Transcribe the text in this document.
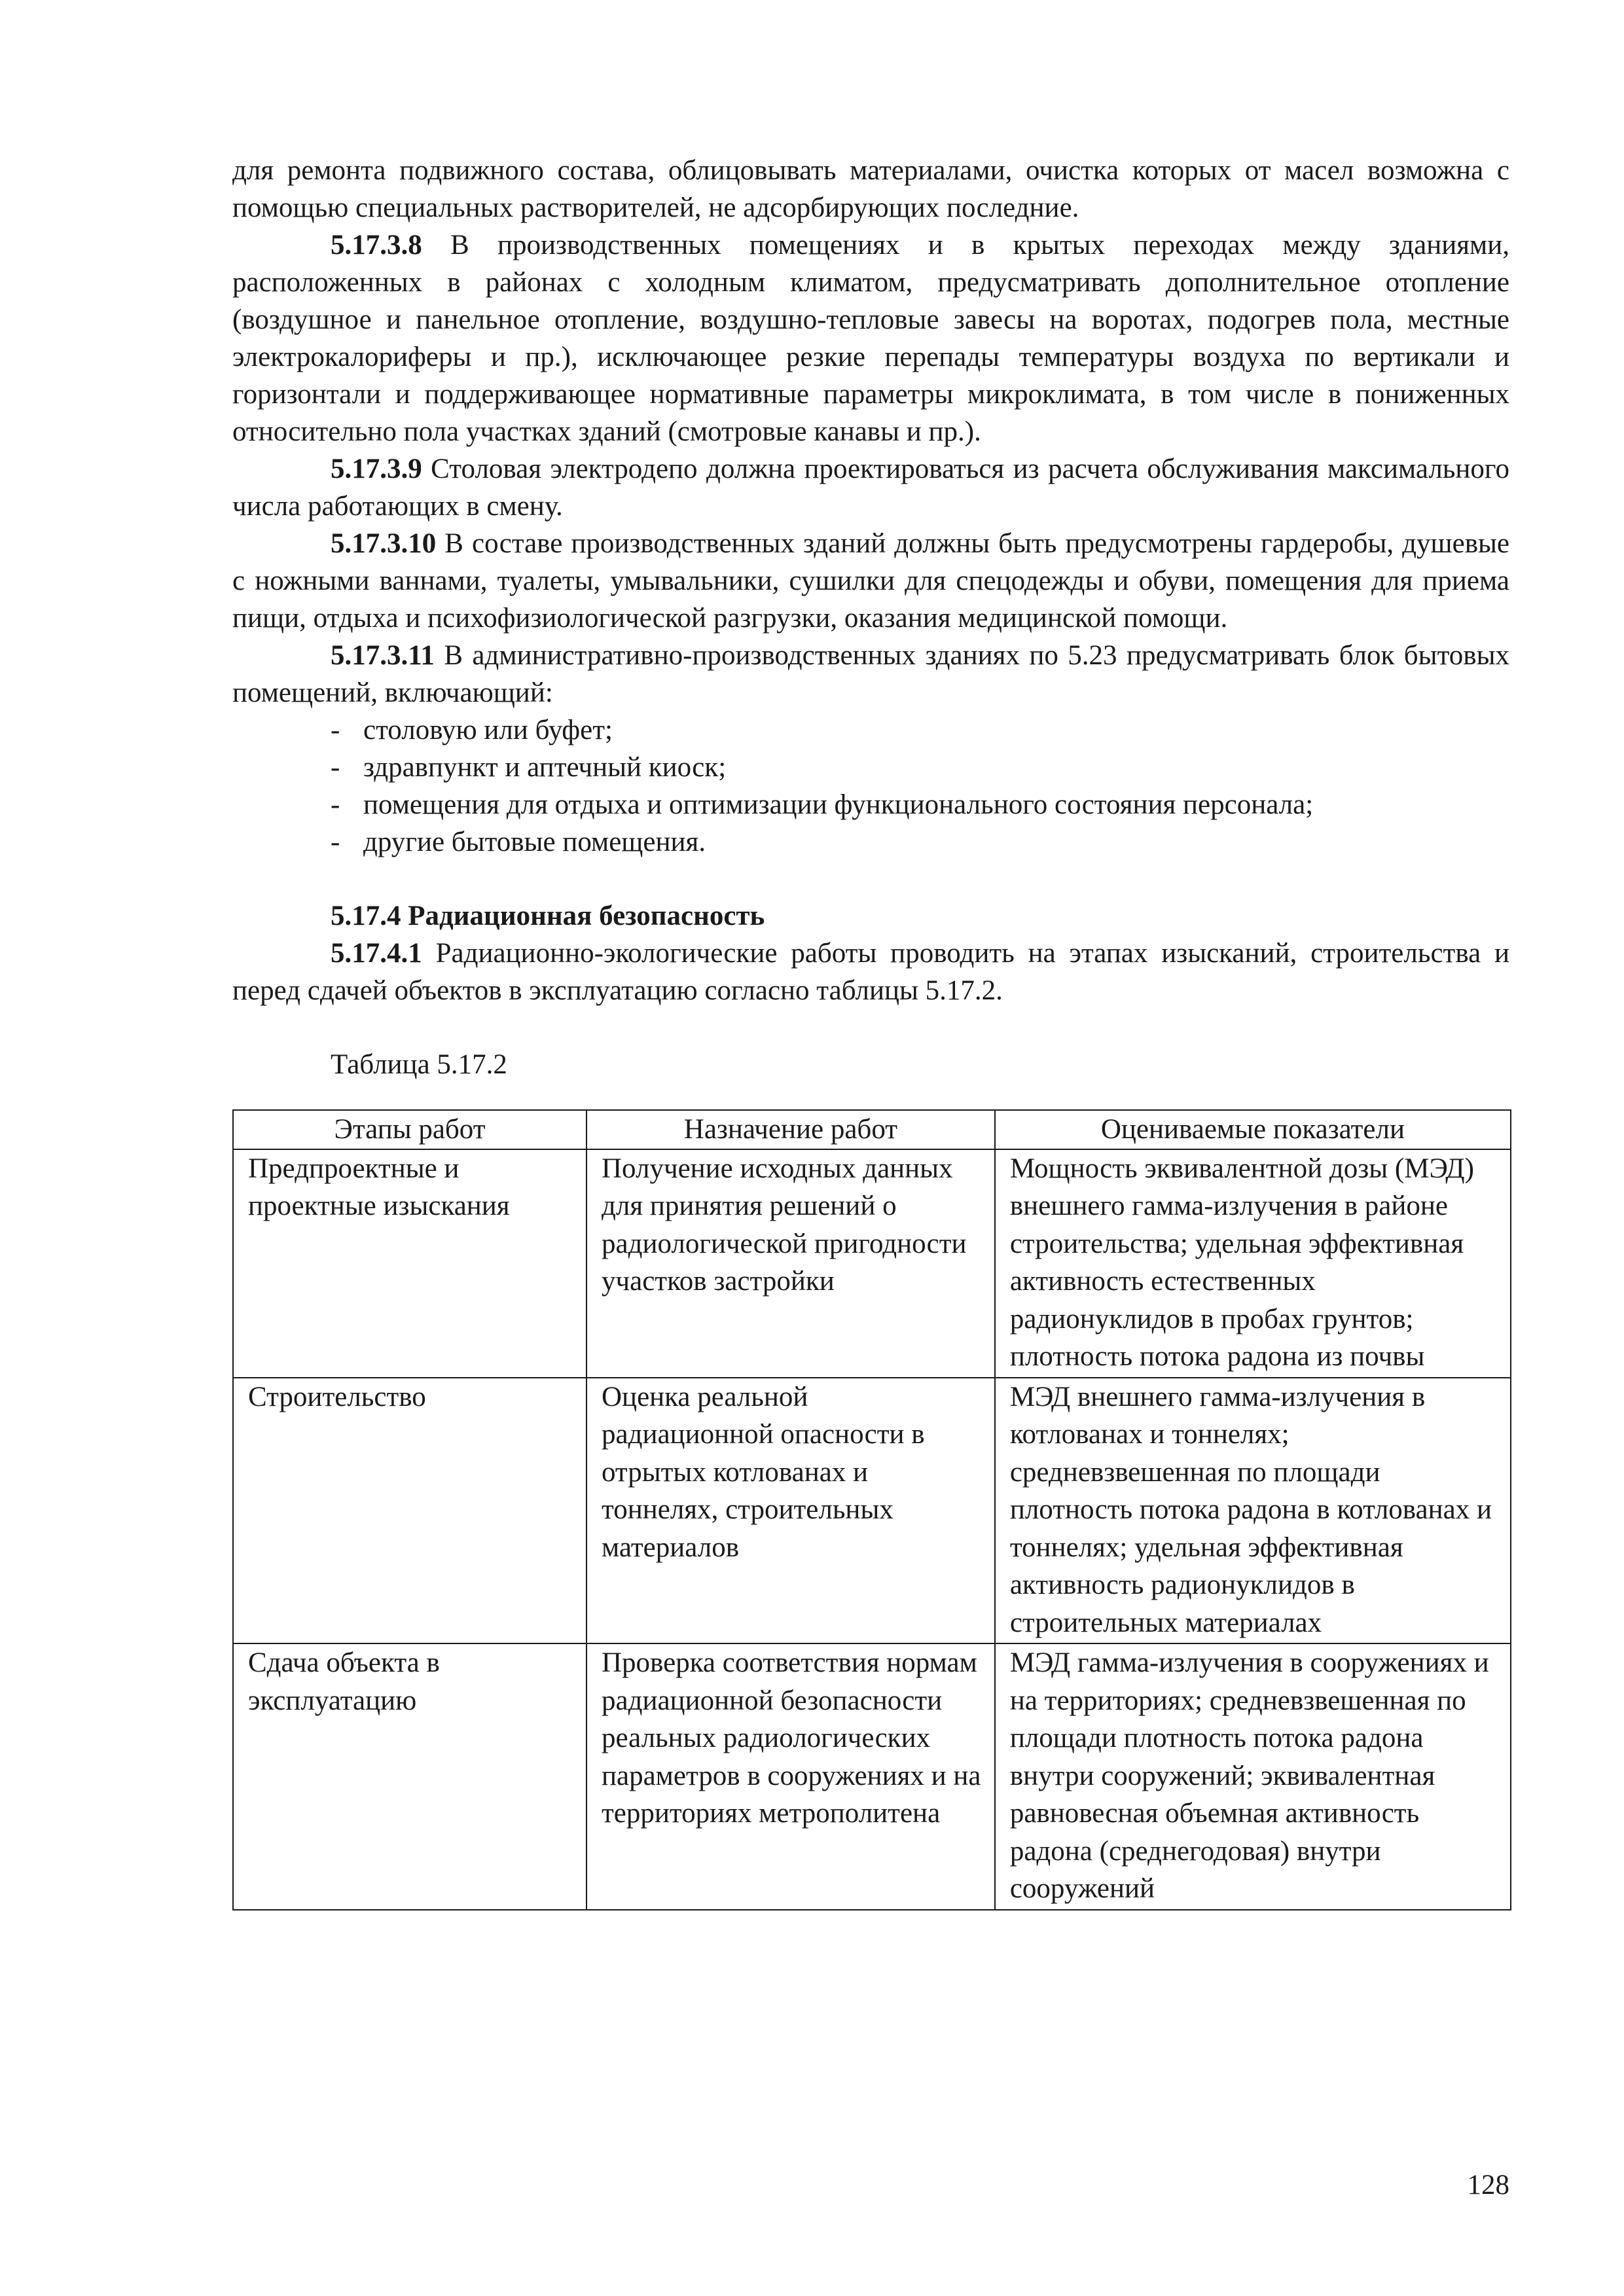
для ремонта подвижного состава, облицовывать материалами, очистка которых от масел возможна с помощью специальных растворителей, не адсорбирующих последние.

5.17.3.8 В производственных помещениях и в крытых переходах между зданиями, расположенных в районах с холодным климатом, предусматривать дополнительное отопление (воздушное и панельное отопление, воздушно-тепловые завесы на воротах, подогрев пола, местные электрокалориферы и пр.), исключающее резкие перепады температуры воздуха по вертикали и горизонтали и поддерживающее нормативные параметры микроклимата, в том числе в пониженных относительно пола участках зданий (смотровые канавы и пр.).

5.17.3.9 Столовая электродепо должна проектироваться из расчета обслуживания максимального числа работающих в смену.

5.17.3.10 В составе производственных зданий должны быть предусмотрены гардеробы, душевые с ножными ваннами, туалеты, умывальники, сушилки для спецодежды и обуви, помещения для приема пищи, отдыха и психофизиологической разгрузки, оказания медицинской помощи.

5.17.3.11 В административно-производственных зданиях по 5.23 предусматривать блок бытовых помещений, включающий:

- столовую или буфет;
- здравпункт и аптечный киоск;
- помещения для отдыха и оптимизации функционального состояния персонала;
- другие бытовые помещения.

5.17.4 Радиационная безопасность

5.17.4.1 Радиационно-экологические работы проводить на этапах изысканий, строительства и перед сдачей объектов в эксплуатацию согласно таблицы 5.17.2.

Таблица 5.17.2

Этапы работ	Назначение работ	Оцениваемые показатели
Предпроектные и проектные изыскания	Получение исходных данных для принятия решений о радиологической пригодности участков застройки	Мощность эквивалентной дозы (МЭД) внешнего гамма-излучения в районе строительства; удельная эффективная активность естественных радионуклидов в пробах грунтов; плотность потока радона из почвы
Строительство	Оценка реальной радиационной опасности в отрытых котлованах и тоннелях, строительных материалов	МЭД внешнего гамма-излучения в котлованах и тоннелях; средневзвешенная по площади плотность потока радона в котлованах и тоннелях; удельная эффективная активность радионуклидов в строительных материалах
Сдача объекта в эксплуатацию	Проверка соответствия нормам радиационной безопасности реальных радиологических параметров в сооружениях и на территориях метрополитена	МЭД гамма-излучения в сооружениях и на территориях; средневзвешенная по площади плотность потока радона внутри сооружений; эквивалентная равновесная объемная активность радона (среднегодовая) внутри сооружений
128
